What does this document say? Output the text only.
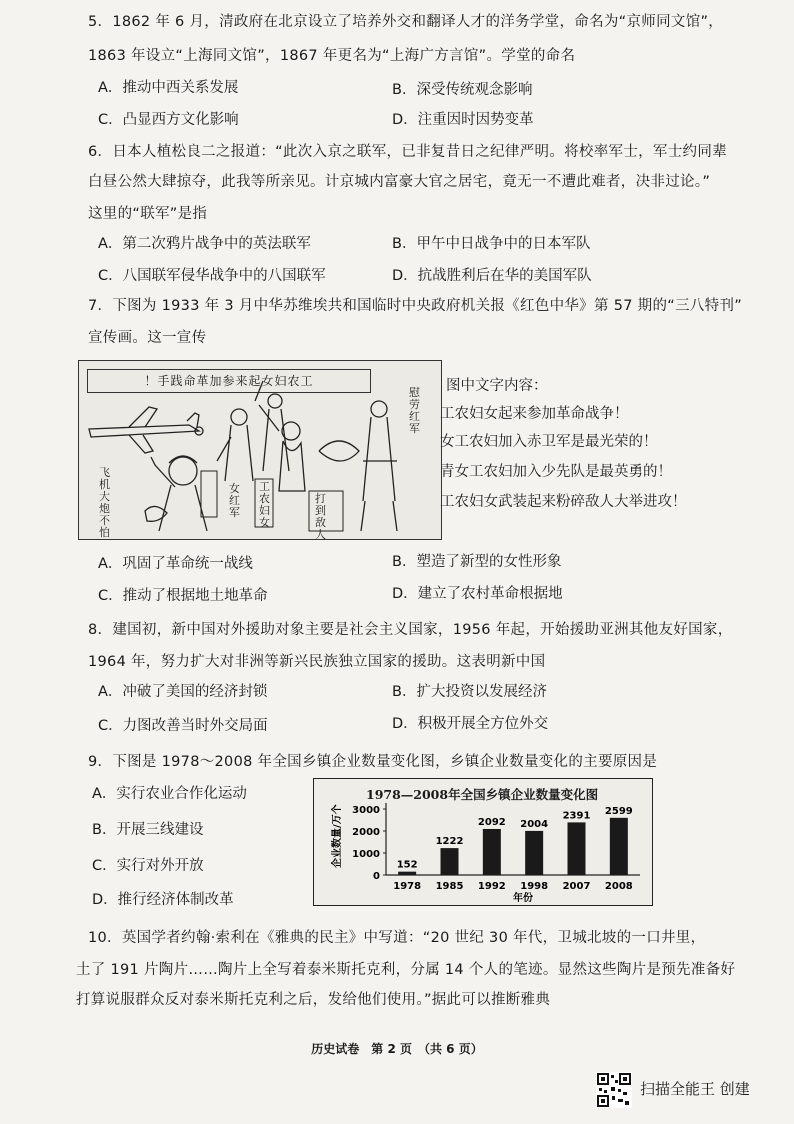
5．1862 年 6 月，清政府在北京设立了培养外交和翻译人才的洋务学堂，命名为“京师同文馆”，
1863 年设立“上海同文馆”，1867 年更名为“上海广方言馆”。学堂的命名
A．推动中西关系发展	B．深受传统观念影响
C．凸显西方文化影响	D．注重因时因势变革
6．日本人植松良二之报道：“此次入京之联军，已非复昔日之纪律严明。将校率军士，军士约同辈
白昼公然大肆掠夺，此我等所亲见。计京城内富豪大官之居宅，竟无一不遭此难者，决非过论。”
这里的“联军”是指
A．第二次鸦片战争中的英法联军	B．甲午中日战争中的日本军队
C．八国联军侵华战争中的八国联军	D．抗战胜利后在华的美国军队
7．下图为 1933 年 3 月中华苏维埃共和国临时中央政府机关报《红色中华》第 57 期的“三八特刊”
宣传画。这一宣传
！手践命革加参来起女妇农工
飞机大炮不怕
女红军
工农妇女
打到敌人
慰劳红军
图中文字内容：
工农妇女起来参加革命战争！
女工农妇加入赤卫军是最光荣的！
青女工农妇加入少先队是最英勇的！
工农妇女武装起来粉碎敌人大举进攻！
A．巩固了革命统一战线	B．塑造了新型的女性形象
C．推动了根据地土地革命	D．建立了农村革命根据地
8．建国初，新中国对外援助对象主要是社会主义国家，1956 年起，开始援助亚洲其他友好国家，
1964 年，努力扩大对非洲等新兴民族独立国家的援助。这表明新中国
A．冲破了美国的经济封锁	B．扩大投资以发展经济
C．力图改善当时外交局面	D．积极开展全方位外交
9．下图是 1978～2008 年全国乡镇企业数量变化图，乡镇企业数量变化的主要原因是
A．实行农业合作化运动
B．开展三线建设
C．实行对外开放
D．推行经济体制改革
1978—2008年全国乡镇企业数量变化图
0
1000
2000
3000
企业数量/万个	152
1978
1222
1985
2092
1992
2004
1998
2391
2007
2599
2008
年份
10．英国学者约翰·索利在《雅典的民主》中写道：“20 世纪 30 年代，卫城北坡的一口井里，
土了 191 片陶片……陶片上全写着泰米斯托克利，分属 14 个人的笔迹。显然这些陶片是预先准备好
打算说服群众反对泰米斯托克利之后，发给他们使用。”据此可以推断雅典
历史试卷　第 2 页　（共 6 页）
扫描全能王 创建
